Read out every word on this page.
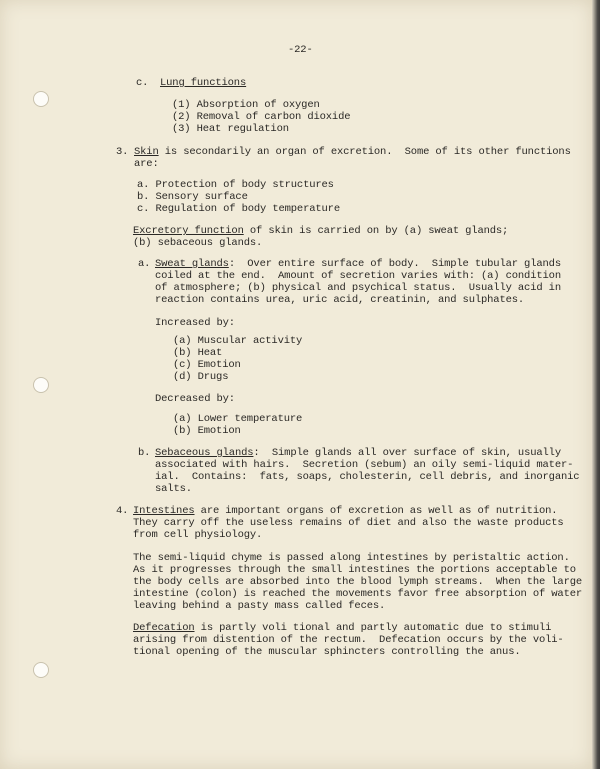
-22-

c. Lung functions

(1) Absorption of oxygen

(2) Removal of carbon dioxide

(3) Heat regulation

3. Skin is secondarily an organ of excretion.  Some of its other functions

are:

a. Protection of body structures

b. Sensory surface

c. Regulation of body temperature

Excretory function of skin is carried on by (a) sweat glands;

(b) sebaceous glands.

a. Sweat glands:  Over entire surface of body.  Simple tubular glands

coiled at the end.  Amount of secretion varies with: (a) condition

of atmosphere; (b) physical and psychical status.  Usually acid in

reaction contains urea, uric acid, creatinin, and sulphates.

Increased by:

(a) Muscular activity

(b) Heat

(c) Emotion

(d) Drugs

Decreased by:

(a) Lower temperature

(b) Emotion

b. Sebaceous glands:  Simple glands all over surface of skin, usually

associated with hairs.  Secretion (sebum) an oily semi-liquid mater-

ial.  Contains:  fats, soaps, cholesterin, cell debris, and inorganic

salts.

4. Intestines are important organs of excretion as well as of nutrition.

They carry off the useless remains of diet and also the waste products

from cell physiology.

The semi-liquid chyme is passed along intestines by peristaltic action.

As it progresses through the small intestines the portions acceptable to

the body cells are absorbed into the blood lymph streams.  When the large

intestine (colon) is reached the movements favor free absorption of water

leaving behind a pasty mass called feces.

Defecation is partly voli tional and partly automatic due to stimuli

arising from distention of the rectum.  Defecation occurs by the voli-

tional opening of the muscular sphincters controlling the anus.
